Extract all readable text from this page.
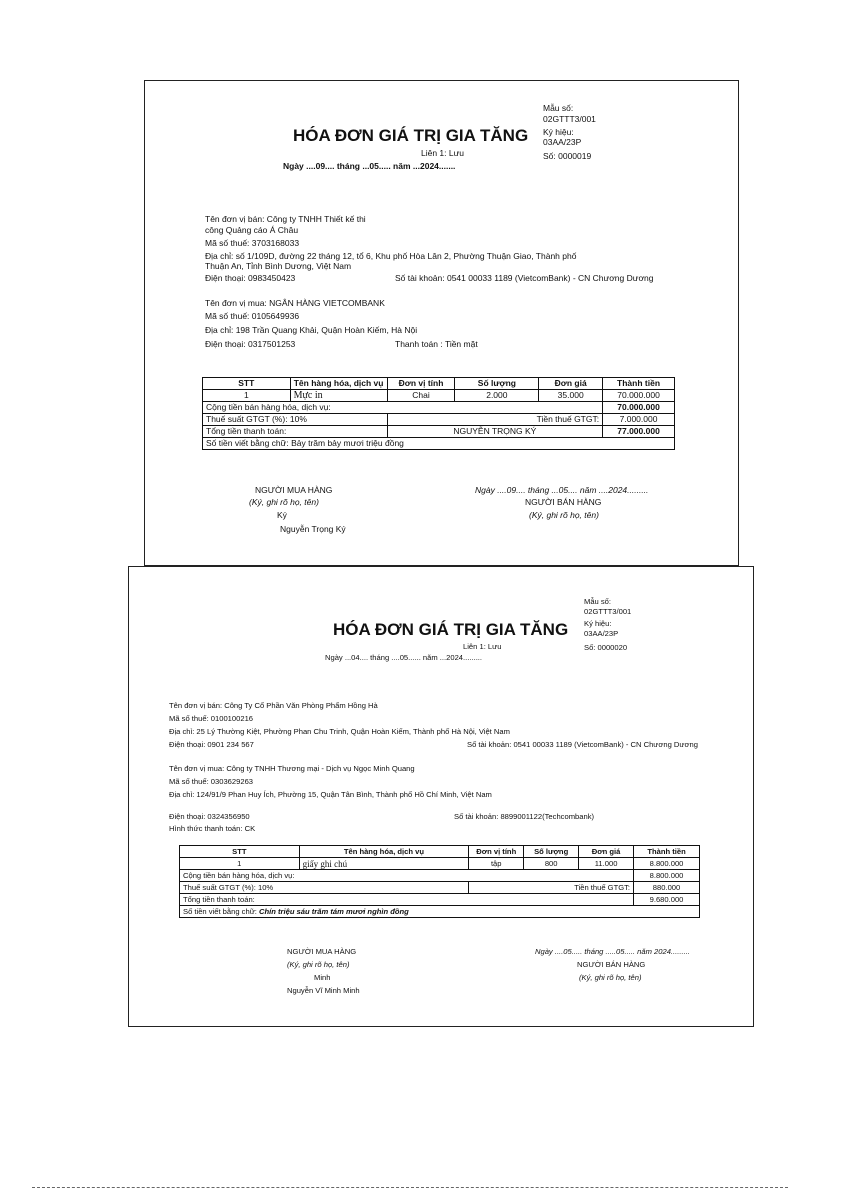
Mẫu số:
02GTTT3/001
Ký hiệu:
03AA/23P
Số: 0000019
HÓA ĐƠN GIÁ TRỊ GIA TĂNG
Liên 1: Lưu
Ngày ....09.... tháng ...05..... năm ...2024.......
Tên đơn vị bán: Công ty TNHH Thiết kế thi
công Quảng cáo Á Châu
Mã số thuế: 3703168033
Địa chỉ: số 1/109D, đường 22 tháng 12, tổ 6, Khu phố Hòa Lân 2, Phường Thuận Giao, Thành phố
Thuận An, Tỉnh Bình Dương, Việt Nam
Điện thoại: 0983450423	Số tài khoản: 0541 00033 1189 (VietcomBank) - CN Chương Dương
Tên đơn vị mua: NGÂN HÀNG VIETCOMBANK
Mã số thuế: 0105649936
Địa chỉ: 198 Trần Quang Khải, Quận Hoàn Kiếm, Hà Nội
Điện thoại: 0317501253	Thanh toán : Tiền mặt
STT	Tên hàng hóa, dịch vụ	Đơn vị tính	Số lượng	Đơn giá	Thành tiền
1	Mực in	Chai	2.000	35.000	70.000.000
Cộng tiền bán hàng hóa, dịch vụ:					70.000.000
Thuế suất GTGT (%): 10%		Tiền thuế GTGT:			7.000.000
Tổng tiền thanh toán:		NGUYỄN TRỌNG KÝ			77.000.000
Số tiền viết bằng chữ: Bảy trăm bảy mươi triệu đồng					
NGƯỜI MUA HÀNG
(Ký, ghi rõ họ, tên)
Ký
Nguyễn Trọng Ký
Ngày ....09.... tháng ...05.... năm ....2024.........
NGƯỜI BÁN HÀNG
(Ký, ghi rõ họ, tên)
Mẫu số:
02GTTT3/001
Ký hiệu:
03AA/23P
Số: 0000020
HÓA ĐƠN GIÁ TRỊ GIA TĂNG
Liên 1: Lưu
Ngày ...04.... tháng ....05...... năm ...2024.........
Tên đơn vị bán: Công Ty Cổ Phần Văn Phòng Phẩm Hồng Hà
Mã số thuế: 0100100216
Địa chỉ: 25 Lý Thường Kiệt, Phường Phan Chu Trinh, Quận Hoàn Kiếm, Thành phố Hà Nội, Việt Nam
Điện thoại: 0901 234 567	Số tài khoản: 0541 00033 1189 (VietcomBank) - CN Chương Dương
Tên đơn vị mua: Công ty TNHH Thương mại - Dịch vụ Ngọc Minh Quang
Mã số thuế: 0303629263
Địa chỉ: 124/91/9 Phan Huy Ích, Phường 15, Quận Tân Bình, Thành phố Hồ Chí Minh, Việt Nam
Điện thoại: 0324356950	Số tài khoản: 8899001122(Techcombank)
Hình thức thanh toán: CK
STT	Tên hàng hóa, dịch vụ	Đơn vị tính	Số lượng	Đơn giá	Thành tiền
1	giấy ghi chú	tập	800	11.000	8.800.000
Cộng tiền bán hàng hóa, dịch vụ:					8.800.000
Thuế suất GTGT (%): 10%		Tiền thuế GTGT:			880.000
Tổng tiền thanh toán:					9.680.000
Số tiền viết bằng chữ: Chín triệu sáu trăm tám mươi nghìn đồng					
NGƯỜI MUA HÀNG
(Ký, ghi rõ họ, tên)
Minh
Nguyễn Vĩ Minh Minh
Ngày ....05..... tháng .....05..... năm 2024.........
NGƯỜI BÁN HÀNG
(Ký, ghi rõ họ, tên)
